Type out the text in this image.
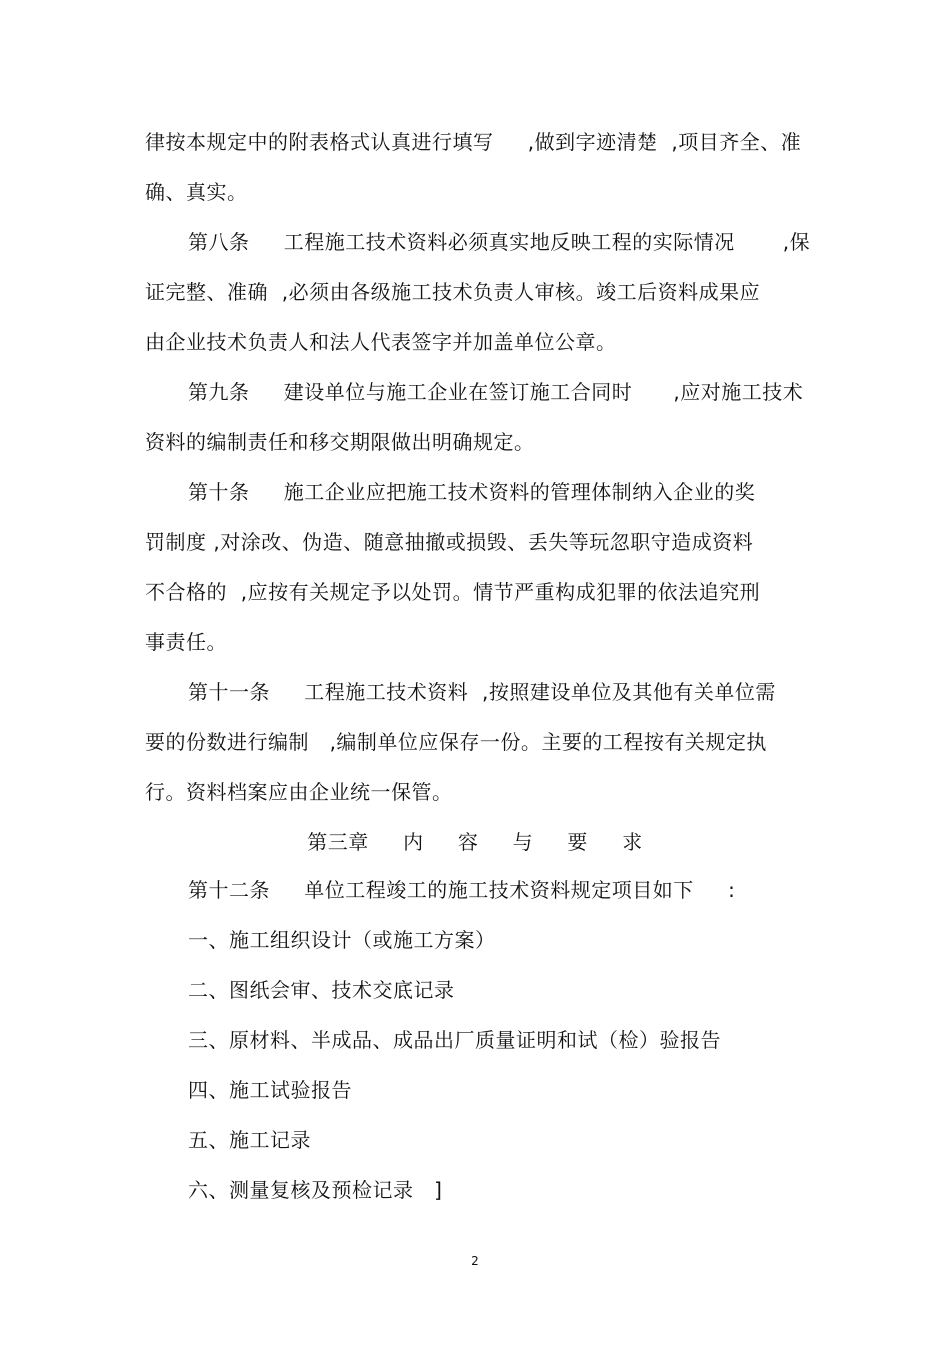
律按本规定中的附表格式认真进行填写     ,做到字迹清楚  ,项目齐全、准
确、真实。
第八条     工程施工技术资料必须真实地反映工程的实际情况       ,保
证完整、准确  ,必须由各级施工技术负责人审核。竣工后资料成果应
由企业技术负责人和法人代表签字并加盖单位公章。
第九条     建设单位与施工企业在签订施工合同时      ,应对施工技术
资料的编制责任和移交期限做出明确规定。
第十条     施工企业应把施工技术资料的管理体制纳入企业的奖
罚制度 ,对涂改、伪造、随意抽撤或损毁、丢失等玩忽职守造成资料
不合格的  ,应按有关规定予以处罚。情节严重构成犯罪的依法追究刑
事责任。
第十一条     工程施工技术资料  ,按照建设单位及其他有关单位需
要的份数进行编制   ,编制单位应保存一份。主要的工程按有关规定执
行。资料档案应由企业统一保管。
第三章     内     容     与     要     求
第十二条     单位工程竣工的施工技术资料规定项目如下     :
一、施工组织设计（或施工方案）
二、图纸会审、技术交底记录
三、原材料、半成品、成品出厂质量证明和试（检）验报告
四、施工试验报告
五、施工记录
六、测量复核及预检记录   ]
2
